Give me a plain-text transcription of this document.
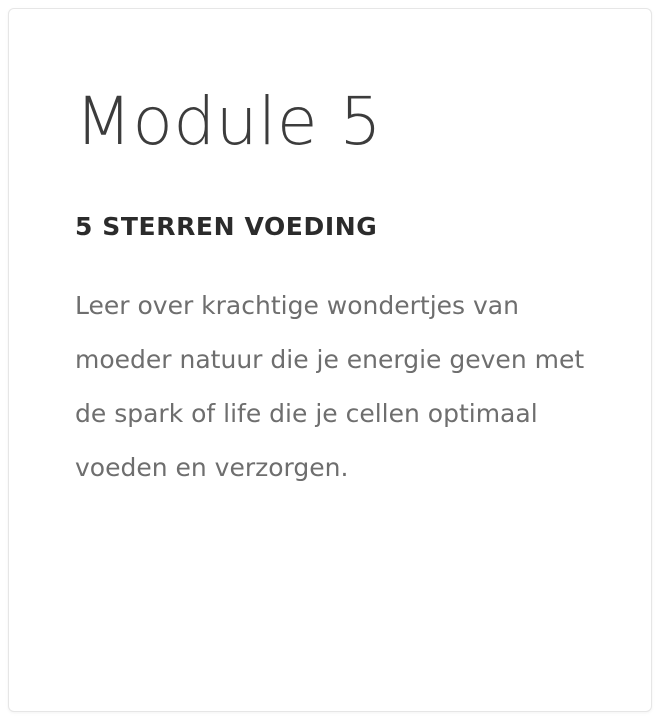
Module 5
5 STERREN VOEDING

Leer over krachtige wondertjes van moeder natuur die je energie geven met de spark of life die je cellen optimaal voeden en verzorgen.
